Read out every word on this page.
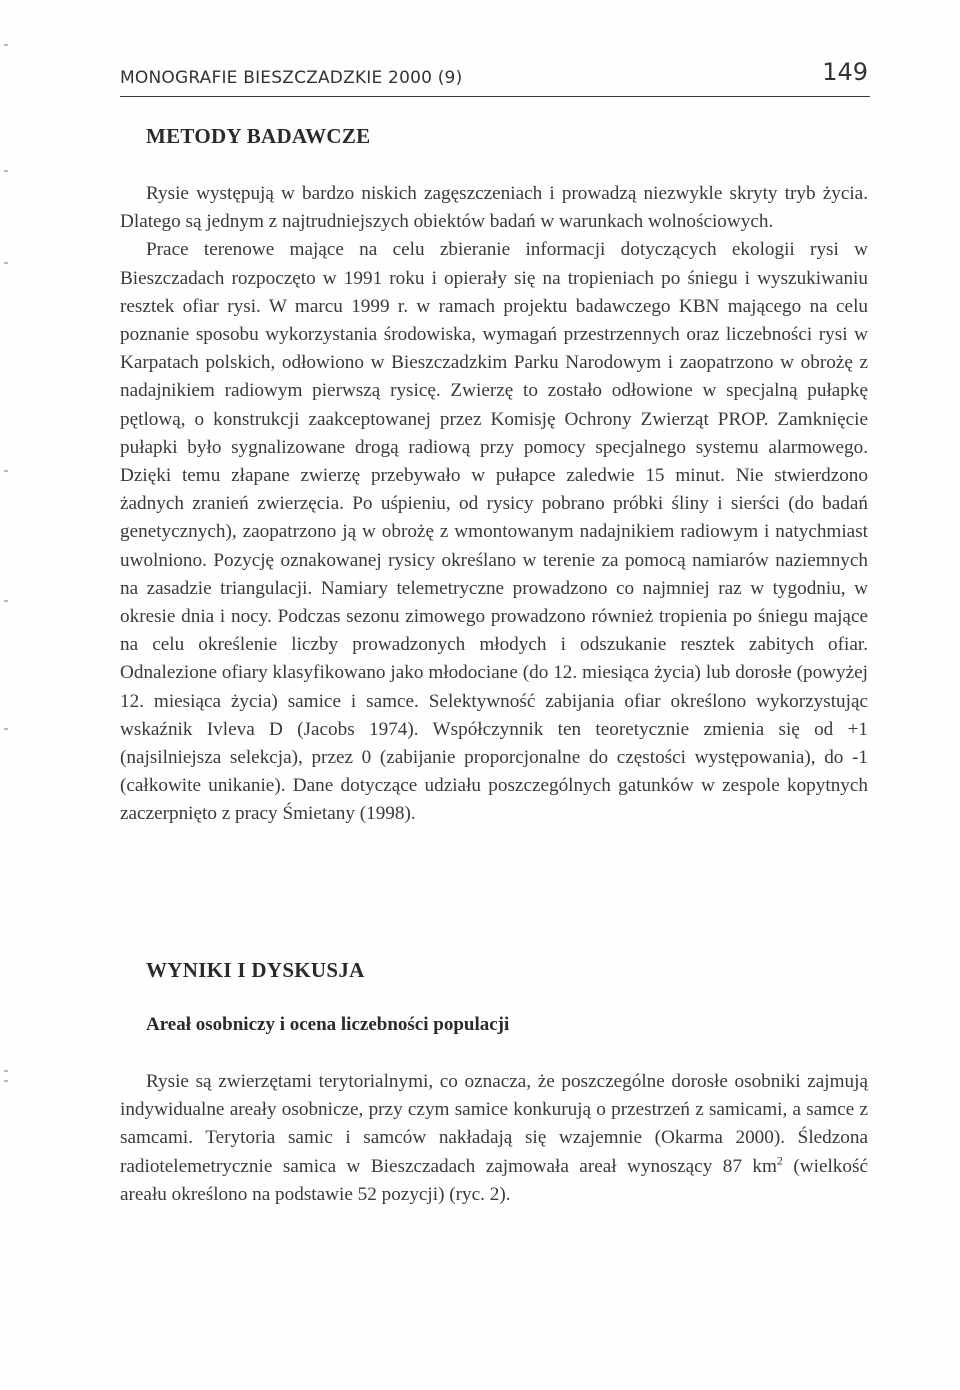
MONOGRAFIE BIESZCZADZKIE 2000 (9)	149
METODY BADAWCZE
Rysie występują w bardzo niskich zagęszczeniach i prowadzą niezwykle skryty tryb życia. Dlatego są jednym z najtrudniejszych obiektów badań w warunkach wolnościowych.
Prace terenowe mające na celu zbieranie informacji dotyczących ekologii rysi w Bieszczadach rozpoczęto w 1991 roku i opierały się na tropieniach po śniegu i wyszukiwaniu resztek ofiar rysi. W marcu 1999 r. w ramach projektu badawczego KBN mającego na celu poznanie sposobu wykorzystania środowiska, wymagań przestrzennych oraz liczebności rysi w Karpatach polskich, odłowiono w Bieszczadzkim Parku Narodowym i zaopatrzono w obrożę z nadajnikiem radiowym pierwszą rysicę. Zwierzę to zostało odłowione w specjalną pułapkę pętlową, o konstrukcji zaakceptowanej przez Komisję Ochrony Zwierząt PROP. Zamknięcie pułapki było sygnalizowane drogą radiową przy pomocy specjalnego systemu alarmowego. Dzięki temu złapane zwierzę przebywało w pułapce zaledwie 15 minut. Nie stwierdzono żadnych zranień zwierzęcia. Po uśpieniu, od rysicy pobrano próbki śliny i sierści (do badań genetycznych), zaopatrzono ją w obrożę z wmontowanym nadajnikiem radiowym i natychmiast uwolniono. Pozycję oznakowanej rysicy określano w terenie za pomocą namiarów naziemnych na zasadzie triangulacji. Namiary telemetryczne prowadzono co najmniej raz w tygodniu, w okresie dnia i nocy. Podczas sezonu zimowego prowadzono również tropienia po śniegu mające na celu określenie liczby prowadzonych młodych i odszukanie resztek zabitych ofiar. Odnalezione ofiary klasyfikowano jako młodociane (do 12. miesiąca życia) lub dorosłe (powyżej 12. miesiąca życia) samice i samce. Selektywność zabijania ofiar określono wykorzystując wskaźnik Ivleva D (Jacobs 1974). Współczynnik ten teoretycznie zmienia się od +1 (najsilniejsza selekcja), przez 0 (zabijanie proporcjonalne do częstości występowania), do -1 (całkowite unikanie). Dane dotyczące udziału poszczególnych gatunków w zespole kopytnych zaczerpnięto z pracy Śmietany (1998).
WYNIKI I DYSKUSJA
Areał osobniczy i ocena liczebności populacji
Rysie są zwierzętami terytorialnymi, co oznacza, że poszczególne dorosłe osobniki zajmują indywidualne areały osobnicze, przy czym samice konkurują o przestrzeń z samicami, a samce z samcami. Terytoria samic i samców nakładają się wzajemnie (Okarma 2000). Śledzona radiotelemetrycznie samica w Bieszczadach zajmowała areał wynoszący 87 $km^2$ (wielkość areału określono na podstawie 52 pozycji) (ryc. 2).
